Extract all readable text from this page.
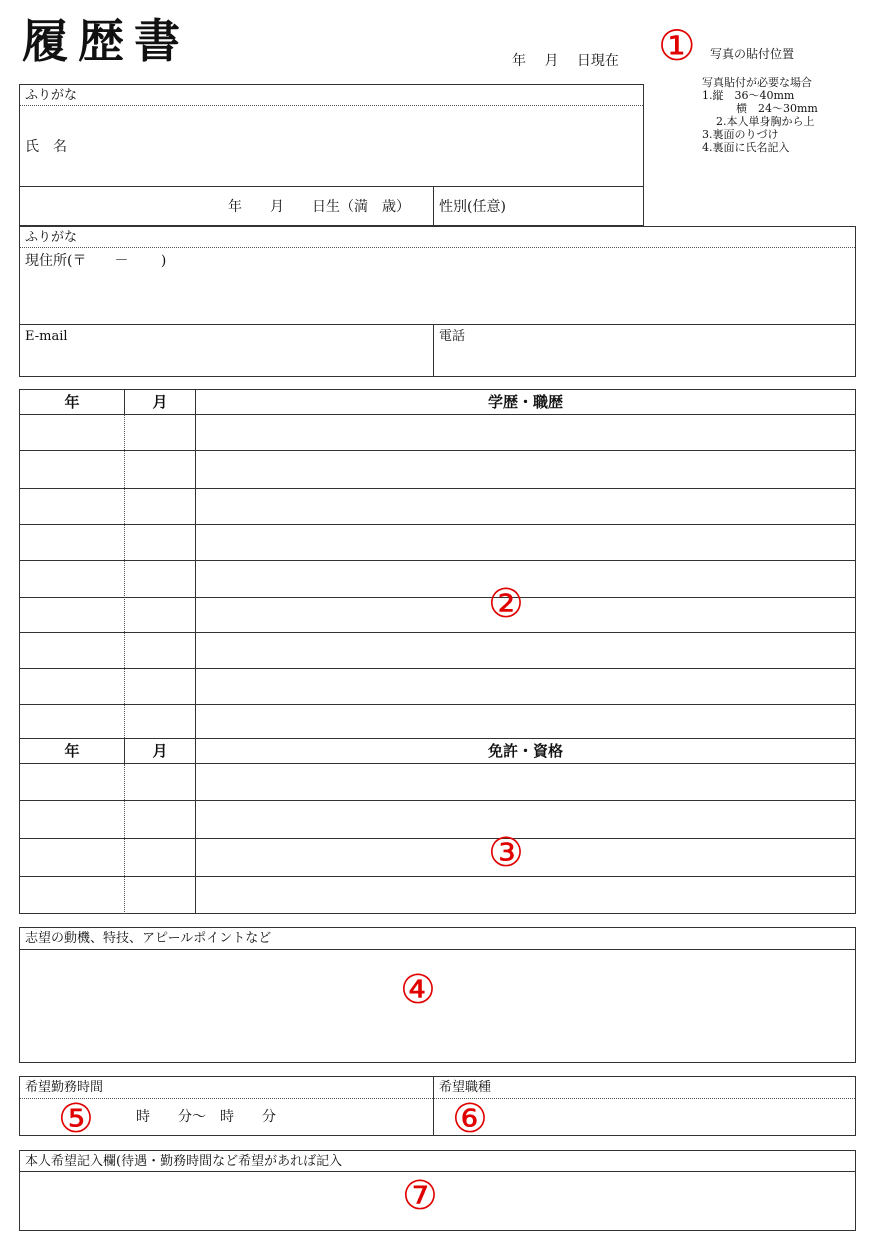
履歴書	年　 月　 日現在 ① 写真の貼付位置
写真貼付が必要な場合
1.縦　36～40mm
横　24～30mm
2.本人単身胸から上
3.裏面のりづけ
4.裏面に氏名記入
ふりがな
氏　名
年　　月　　日生（満　歳） 性別(任意)
ふりがな
現住所(〒　　－　　 )
E-mail	電話
年	月	学歴・職歴
②
年	月	免許・資格
③
志望の動機、特技、アピールポイントなど
④
希望勤務時間
時　　分～　時　　分
⑤
希望職種
⑥
本人希望記入欄(待遇・勤務時間など希望があれば記入
⑦
